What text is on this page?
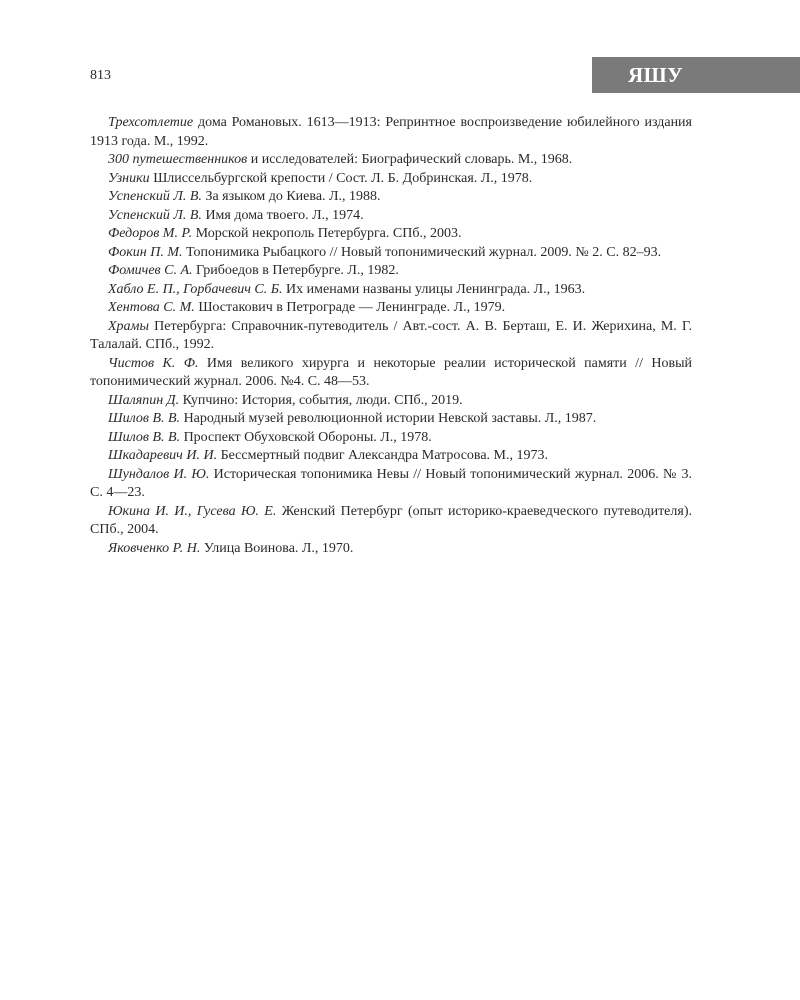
813	ЯШУ
Трехсотлетие дома Романовых. 1613—1913: Репринтное воспроизведение юбилейного издания 1913 года. М., 1992.
300 путешественников и исследователей: Биографический словарь. М., 1968.
Узники Шлиссельбургской крепости / Сост. Л. Б. Добринская. Л., 1978.
Успенский Л. В. За языком до Киева. Л., 1988.
Успенский Л. В. Имя дома твоего. Л., 1974.
Федоров М. Р. Морской некрополь Петербурга. СПб., 2003.
Фокин П. М. Топонимика Рыбацкого // Новый топонимический журнал. 2009. № 2. С. 82–93.
Фомичев С. А. Грибоедов в Петербурге. Л., 1982.
Хабло Е. П., Горбачевич С. Б. Их именами названы улицы Ленинграда. Л., 1963.
Хентова С. М. Шостакович в Петрограде — Ленинграде. Л., 1979.
Храмы Петербурга: Справочник-путеводитель / Авт.-сост. А. В. Берташ, Е. И. Жерихина, М. Г. Талалай. СПб., 1992.
Чистов К. Ф. Имя великого хирурга и некоторые реалии исторической памяти // Новый топонимический журнал. 2006. №4. С. 48—53.
Шаляпин Д. Купчино: История, события, люди. СПб., 2019.
Шилов В. В. Народный музей революционной истории Невской заставы. Л., 1987.
Шилов В. В. Проспект Обуховской Обороны. Л., 1978.
Шкадаревич И. И. Бессмертный подвиг Александра Матросова. М., 1973.
Шундалов И. Ю. Историческая топонимика Невы // Новый топонимический журнал. 2006. № 3. С. 4—23.
Юкина И. И., Гусева Ю. Е. Женский Петербург (опыт историко-краеведческого путеводителя). СПб., 2004.
Яковченко Р. Н. Улица Воинова. Л., 1970.
